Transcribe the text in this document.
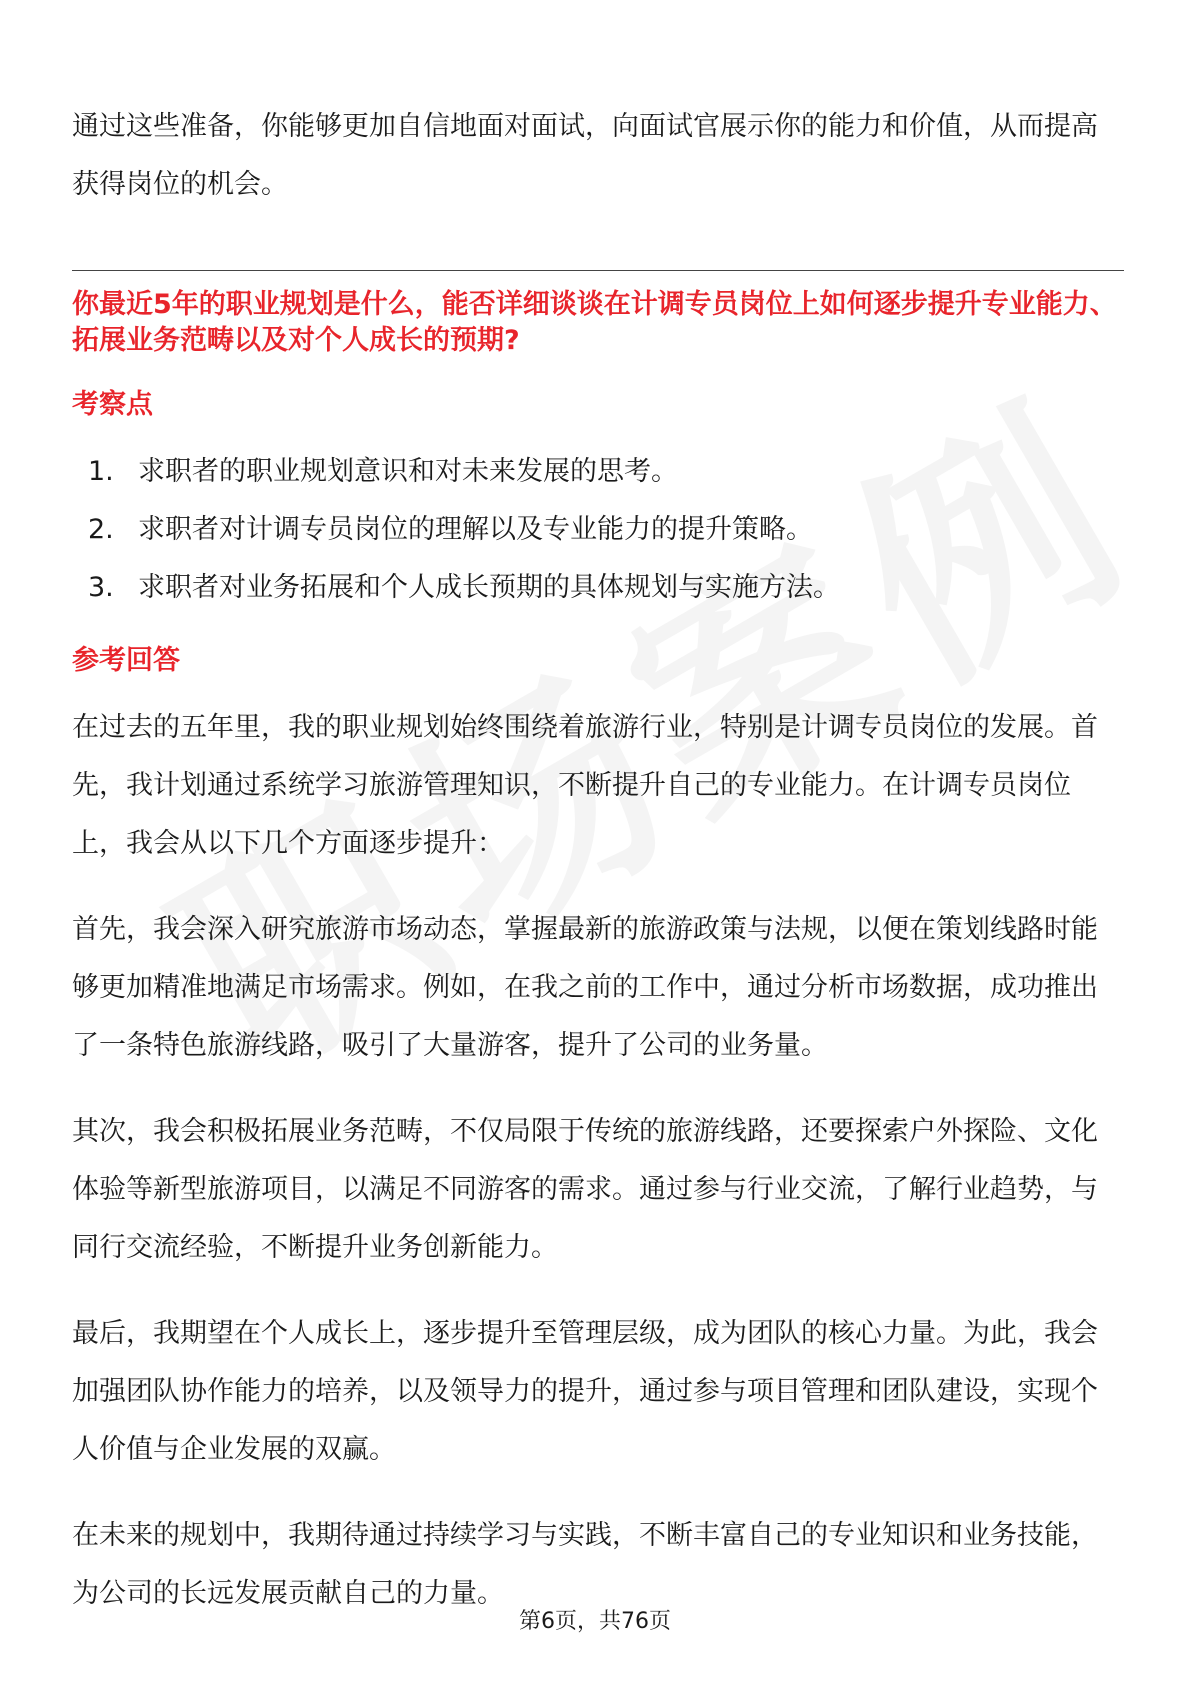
通过这些准备，你能够更加自信地面对面试，向面试官展示你的能力和价值，从而提高获得岗位的机会。

你最近5年的职业规划是什么，能否详细谈谈在计调专员岗位上如何逐步提升专业能力、拓展业务范畴以及对个人成长的预期?

考察点

1. 求职者的职业规划意识和对未来发展的思考。
2. 求职者对计调专员岗位的理解以及专业能力的提升策略。
3. 求职者对业务拓展和个人成长预期的具体规划与实施方法。

参考回答

在过去的五年里，我的职业规划始终围绕着旅游行业，特别是计调专员岗位的发展。首先，我计划通过系统学习旅游管理知识，不断提升自己的专业能力。在计调专员岗位上，我会从以下几个方面逐步提升：

首先，我会深入研究旅游市场动态，掌握最新的旅游政策与法规，以便在策划线路时能够更加精准地满足市场需求。例如，在我之前的工作中，通过分析市场数据，成功推出了一条特色旅游线路，吸引了大量游客，提升了公司的业务量。

其次，我会积极拓展业务范畴，不仅局限于传统的旅游线路，还要探索户外探险、文化体验等新型旅游项目，以满足不同游客的需求。通过参与行业交流，了解行业趋势，与同行交流经验，不断提升业务创新能力。

最后，我期望在个人成长上，逐步提升至管理层级，成为团队的核心力量。为此，我会加强团队协作能力的培养，以及领导力的提升，通过参与项目管理和团队建设，实现个人价值与企业发展的双赢。

在未来的规划中，我期待通过持续学习与实践，不断丰富自己的专业知识和业务技能，为公司的长远发展贡献自己的力量。

第6页，共76页
